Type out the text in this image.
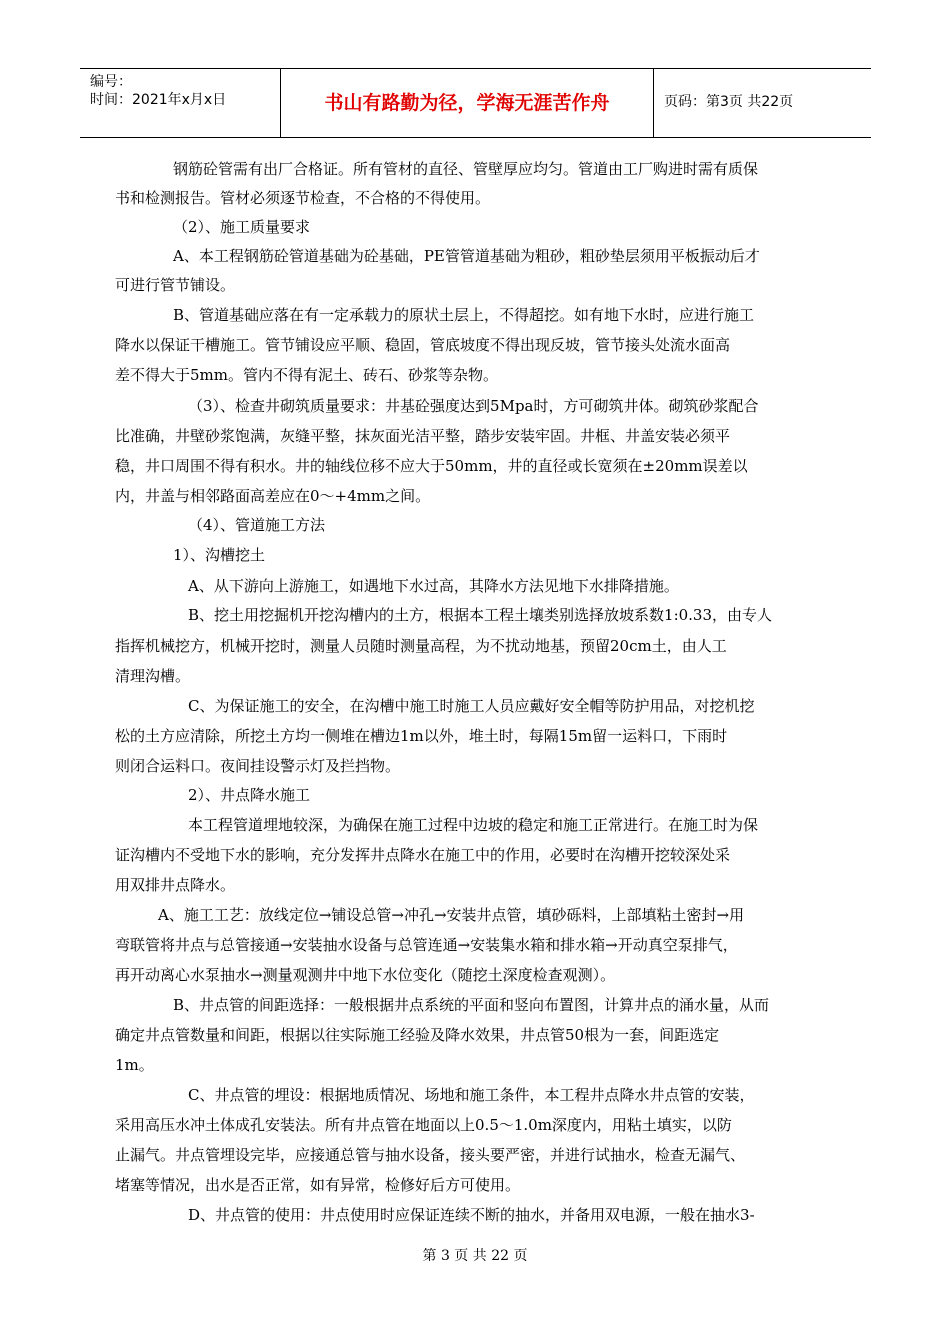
编号：
时间：2021年x月x日	书山有路勤为径，学海无涯苦作舟	页码：第3页 共22页
钢筋砼管需有出厂合格证。所有管材的直径、管壁厚应均匀。管道由工厂购进时需有质保
书和检测报告。管材必须逐节检查，不合格的不得使用。
（2）、施工质量要求
A、本工程钢筋砼管道基础为砼基础，PE管管道基础为粗砂，粗砂垫层须用平板振动后才
可进行管节铺设。
B、管道基础应落在有一定承载力的原状土层上，不得超挖。如有地下水时，应进行施工
降水以保证干槽施工。管节铺设应平顺、稳固，管底坡度不得出现反坡，管节接头处流水面高
差不得大于5mm。管内不得有泥土、砖石、砂浆等杂物。
（3）、检查井砌筑质量要求：井基砼强度达到5Mpa时，方可砌筑井体。砌筑砂浆配合
比准确，井壁砂浆饱满，灰缝平整，抹灰面光洁平整，踏步安装牢固。井框、井盖安装必须平
稳，井口周围不得有积水。井的轴线位移不应大于50mm，井的直径或长宽须在±20mm误差以
内，井盖与相邻路面高差应在0～+4mm之间。
（4）、管道施工方法
1）、沟槽挖土
A、从下游向上游施工，如遇地下水过高，其降水方法见地下水排降措施。
B、挖土用挖掘机开挖沟槽内的土方，根据本工程土壤类别选择放坡系数1:0.33，由专人
指挥机械挖方，机械开挖时，测量人员随时测量高程，为不扰动地基，预留20cm土，由人工
清理沟槽。
C、为保证施工的安全，在沟槽中施工时施工人员应戴好安全帽等防护用品，对挖机挖
松的土方应清除，所挖土方均一侧堆在槽边1m以外，堆土时，每隔15m留一运料口，下雨时
则闭合运料口。夜间挂设警示灯及拦挡物。
2）、井点降水施工
本工程管道埋地较深，为确保在施工过程中边坡的稳定和施工正常进行。在施工时为保
证沟槽内不受地下水的影响，充分发挥井点降水在施工中的作用，必要时在沟槽开挖较深处采
用双排井点降水。
A、施工工艺：放线定位→铺设总管→冲孔→安装井点管，填砂砾料，上部填粘土密封→用
弯联管将井点与总管接通→安装抽水设备与总管连通→安装集水箱和排水箱→开动真空泵排气，
再开动离心水泵抽水→测量观测井中地下水位变化（随挖土深度检查观测）。
B、井点管的间距选择：一般根据井点系统的平面和竖向布置图，计算井点的涌水量，从而
确定井点管数量和间距，根据以往实际施工经验及降水效果，井点管50根为一套，间距选定
1m。
C、井点管的埋设：根据地质情况、场地和施工条件，本工程井点降水井点管的安装，
采用高压水冲土体成孔安装法。所有井点管在地面以上0.5～1.0m深度内，用粘土填实，以防
止漏气。井点管埋设完毕，应接通总管与抽水设备，接头要严密，并进行试抽水，检查无漏气、
堵塞等情况，出水是否正常，如有异常，检修好后方可使用。
D、井点管的使用：井点使用时应保证连续不断的抽水，并备用双电源，一般在抽水3-
第 3 页 共 22 页
